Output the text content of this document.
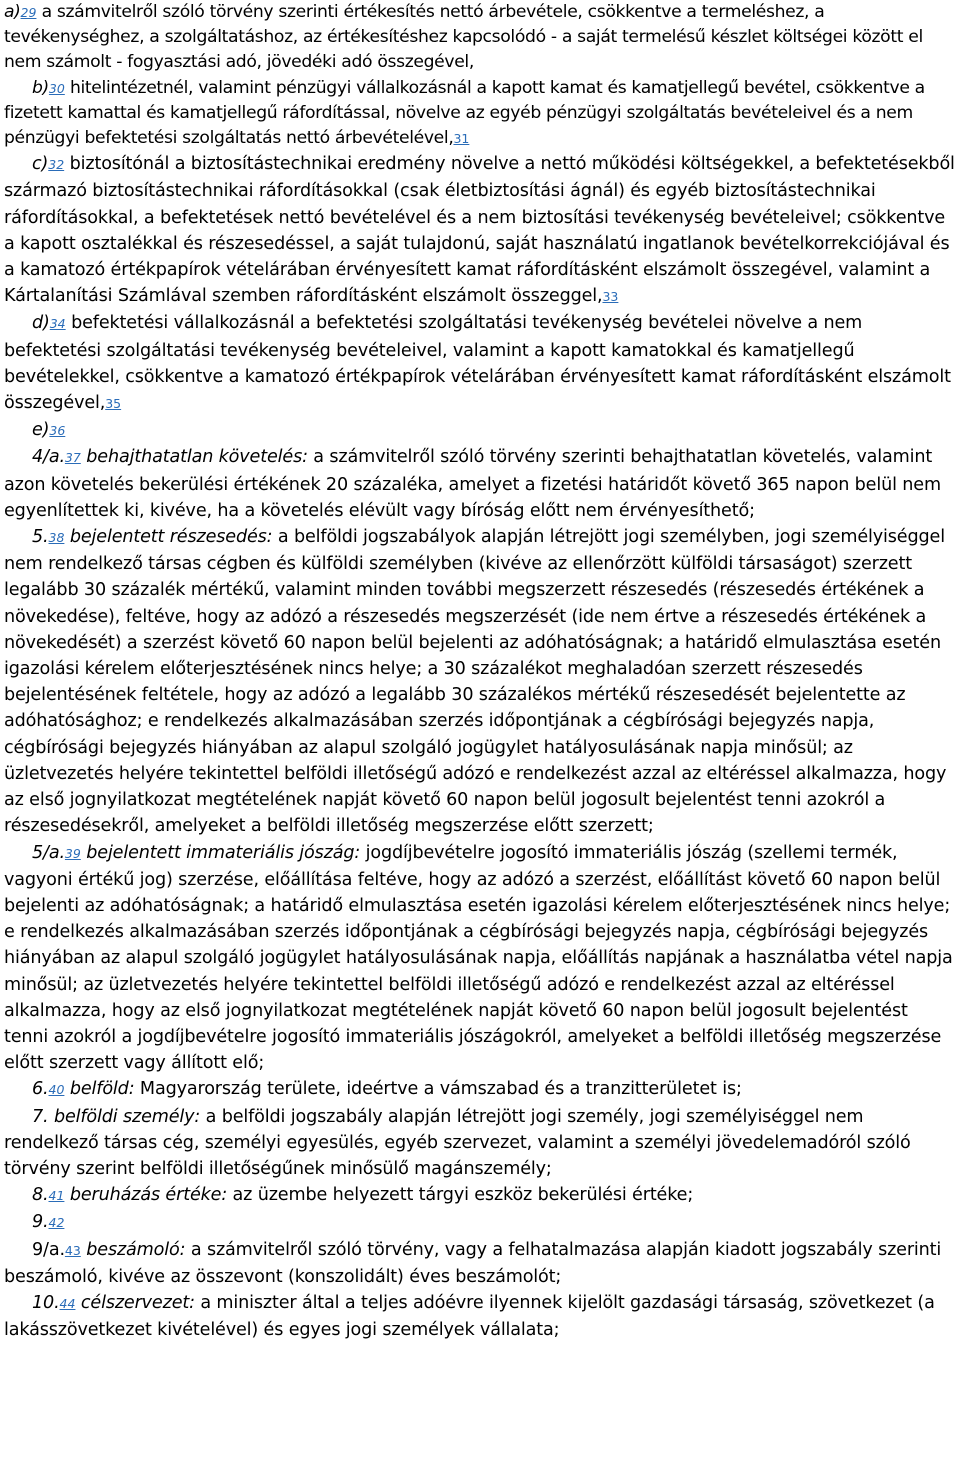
a)29 a számvitelről szóló törvény szerinti értékesítés nettó árbevétele, csökkentve a termeléshez, a tevékenységhez, a szolgáltatáshoz, az értékesítéshez kapcsolódó - a saját termelésű készlet költségei között el nem számolt - fogyasztási adó, jövedéki adó összegével,

b)30 hitelintézetnél, valamint pénzügyi vállalkozásnál a kapott kamat és kamatjellegű bevétel, csökkentve a fizetett kamattal és kamatjellegű ráfordítással, növelve az egyéb pénzügyi szolgáltatás bevételeivel és a nem pénzügyi befektetési szolgáltatás nettó árbevételével,31

c)32 biztosítónál a biztosítástechnikai eredmény növelve a nettó működési költségekkel, a befektetésekből származó biztosítástechnikai ráfordításokkal (csak életbiztosítási ágnál) és egyéb biztosítástechnikai ráfordításokkal, a befektetések nettó bevételével és a nem biztosítási tevékenység bevételeivel; csökkentve a kapott osztalékkal és részesedéssel, a saját tulajdonú, saját használatú ingatlanok bevételkorrekciójával és a kamatozó értékpapírok vételárában érvényesített kamat ráfordításként elszámolt összegével, valamint a Kártalanítási Számlával szemben ráfordításként elszámolt összeggel,33

d)34 befektetési vállalkozásnál a befektetési szolgáltatási tevékenység bevételei növelve a nem befektetési szolgáltatási tevékenység bevételeivel, valamint a kapott kamatokkal és kamatjellegű bevételekkel, csökkentve a kamatozó értékpapírok vételárában érvényesített kamat ráfordításként elszámolt összegével,35

e)36

4/a.37 behajthatatlan követelés: a számvitelről szóló törvény szerinti behajthatatlan követelés, valamint azon követelés bekerülési értékének 20 százaléka, amelyet a fizetési határidőt követő 365 napon belül nem egyenlítettek ki, kivéve, ha a követelés elévült vagy bíróság előtt nem érvényesíthető;

5.38 bejelentett részesedés: a belföldi jogszabályok alapján létrejött jogi személyben, jogi személyiséggel nem rendelkező társas cégben és külföldi személyben (kivéve az ellenőrzött külföldi társaságot) szerzett legalább 30 százalék mértékű, valamint minden további megszerzett részesedés (részesedés értékének a növekedése), feltéve, hogy az adózó a részesedés megszerzését (ide nem értve a részesedés értékének a növekedését) a szerzést követő 60 napon belül bejelenti az adóhatóságnak; a határidő elmulasztása esetén igazolási kérelem előterjesztésének nincs helye; a 30 százalékot meghaladóan szerzett részesedés bejelentésének feltétele, hogy az adózó a legalább 30 százalékos mértékű részesedését bejelentette az adóhatósághoz; e rendelkezés alkalmazásában szerzés időpontjának a cégbírósági bejegyzés napja, cégbírósági bejegyzés hiányában az alapul szolgáló jogügylet hatályosulásának napja minősül; az üzletvezetés helyére tekintettel belföldi illetőségű adózó e rendelkezést azzal az eltéréssel alkalmazza, hogy az első jognyilatkozat megtételének napját követő 60 napon belül jogosult bejelentést tenni azokról a részesedésekről, amelyeket a belföldi illetőség megszerzése előtt szerzett;

5/a.39 bejelentett immateriális jószág: jogdíjbevételre jogosító immateriális jószág (szellemi termék, vagyoni értékű jog) szerzése, előállítása feltéve, hogy az adózó a szerzést, előállítást követő 60 napon belül bejelenti az adóhatóságnak; a határidő elmulasztása esetén igazolási kérelem előterjesztésének nincs helye; e rendelkezés alkalmazásában szerzés időpontjának a cégbírósági bejegyzés napja, cégbírósági bejegyzés hiányában az alapul szolgáló jogügylet hatályosulásának napja, előállítás napjának a használatba vétel napja minősül; az üzletvezetés helyére tekintettel belföldi illetőségű adózó e rendelkezést azzal az eltéréssel alkalmazza, hogy az első jognyilatkozat megtételének napját követő 60 napon belül jogosult bejelentést tenni azokról a jogdíjbevételre jogosító immateriális jószágokról, amelyeket a belföldi illetőség megszerzése előtt szerzett vagy állított elő;

6.40 belföld: Magyarország területe, ideértve a vámszabad és a tranzitterületet is;

7. belföldi személy: a belföldi jogszabály alapján létrejött jogi személy, jogi személyiséggel nem rendelkező társas cég, személyi egyesülés, egyéb szervezet, valamint a személyi jövedelemadóról szóló törvény szerint belföldi illetőségűnek minősülő magánszemély;

8.41 beruházás értéke: az üzembe helyezett tárgyi eszköz bekerülési értéke;

9.42

9/a.43 beszámoló: a számvitelről szóló törvény, vagy a felhatalmazása alapján kiadott jogszabály szerinti beszámoló, kivéve az összevont (konszolidált) éves beszámolót;

10.44 célszervezet: a miniszter által a teljes adóévre ilyennek kijelölt gazdasági társaság, szövetkezet (a lakásszövetkezet kivételével) és egyes jogi személyek vállalata;
